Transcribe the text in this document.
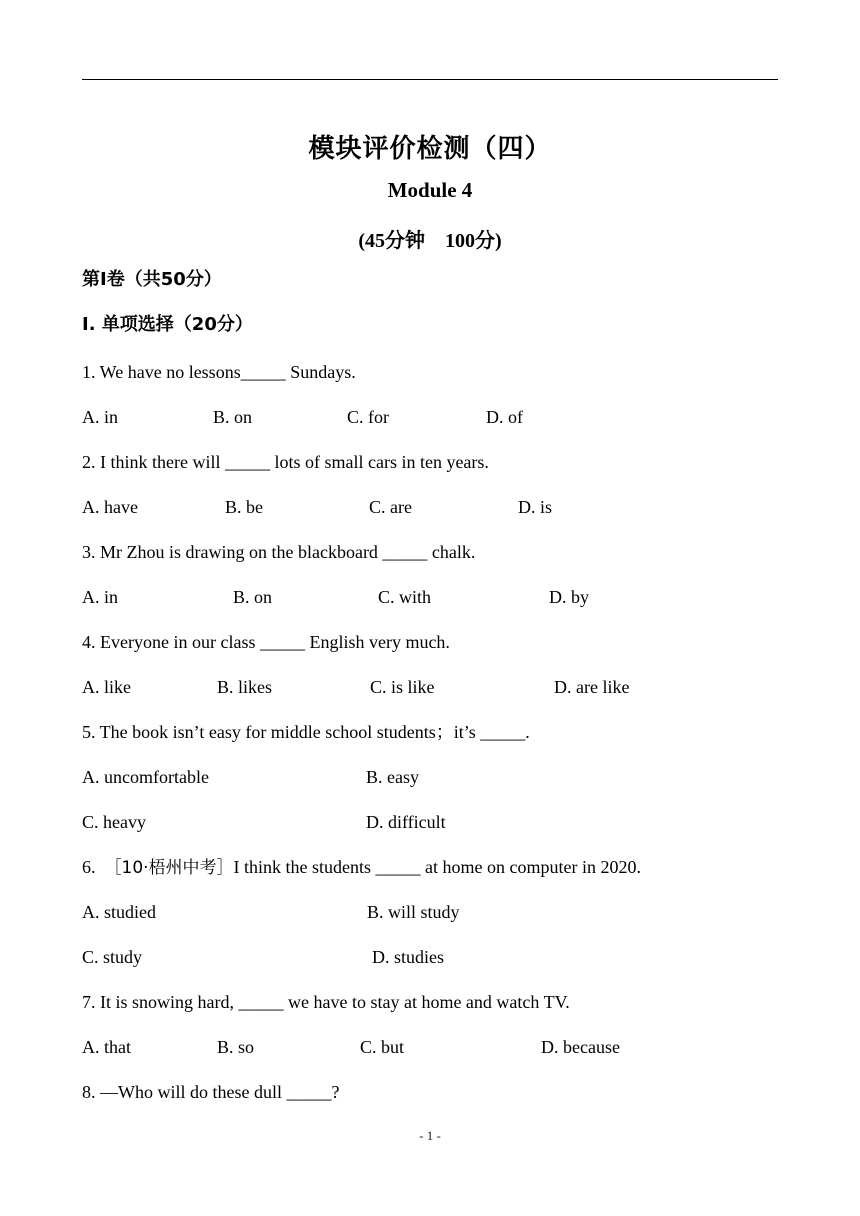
模块评价检测（四）
Module 4
(45分钟　100分)
第Ⅰ卷（共50分）
Ⅰ. 单项选择（20分）
1. We have no lessons_____ Sundays.
A. in	B. on	C. for	D. of
2. I think there will _____ lots of small cars in ten years.
A. have	B. be	C. are	D. is
3. Mr Zhou is drawing on the blackboard _____ chalk.
A. in	B. on	C. with	D. by
4. Everyone in our class _____ English very much.
A. like	B. likes	C. is like	D. are like
5. The book isn’t easy for middle school students；it’s _____.
A. uncomfortable	B. easy
C. heavy	D. difficult
6.  ［10·梧州中考］I think the students _____ at home on computer in 2020.
A. studied	B. will study
C. study	D. studies
7. It is snowing hard, _____ we have to stay at home and watch TV.
A. that	B. so	C. but	D. because
8. —Who will do these dull _____?
- 1 -
